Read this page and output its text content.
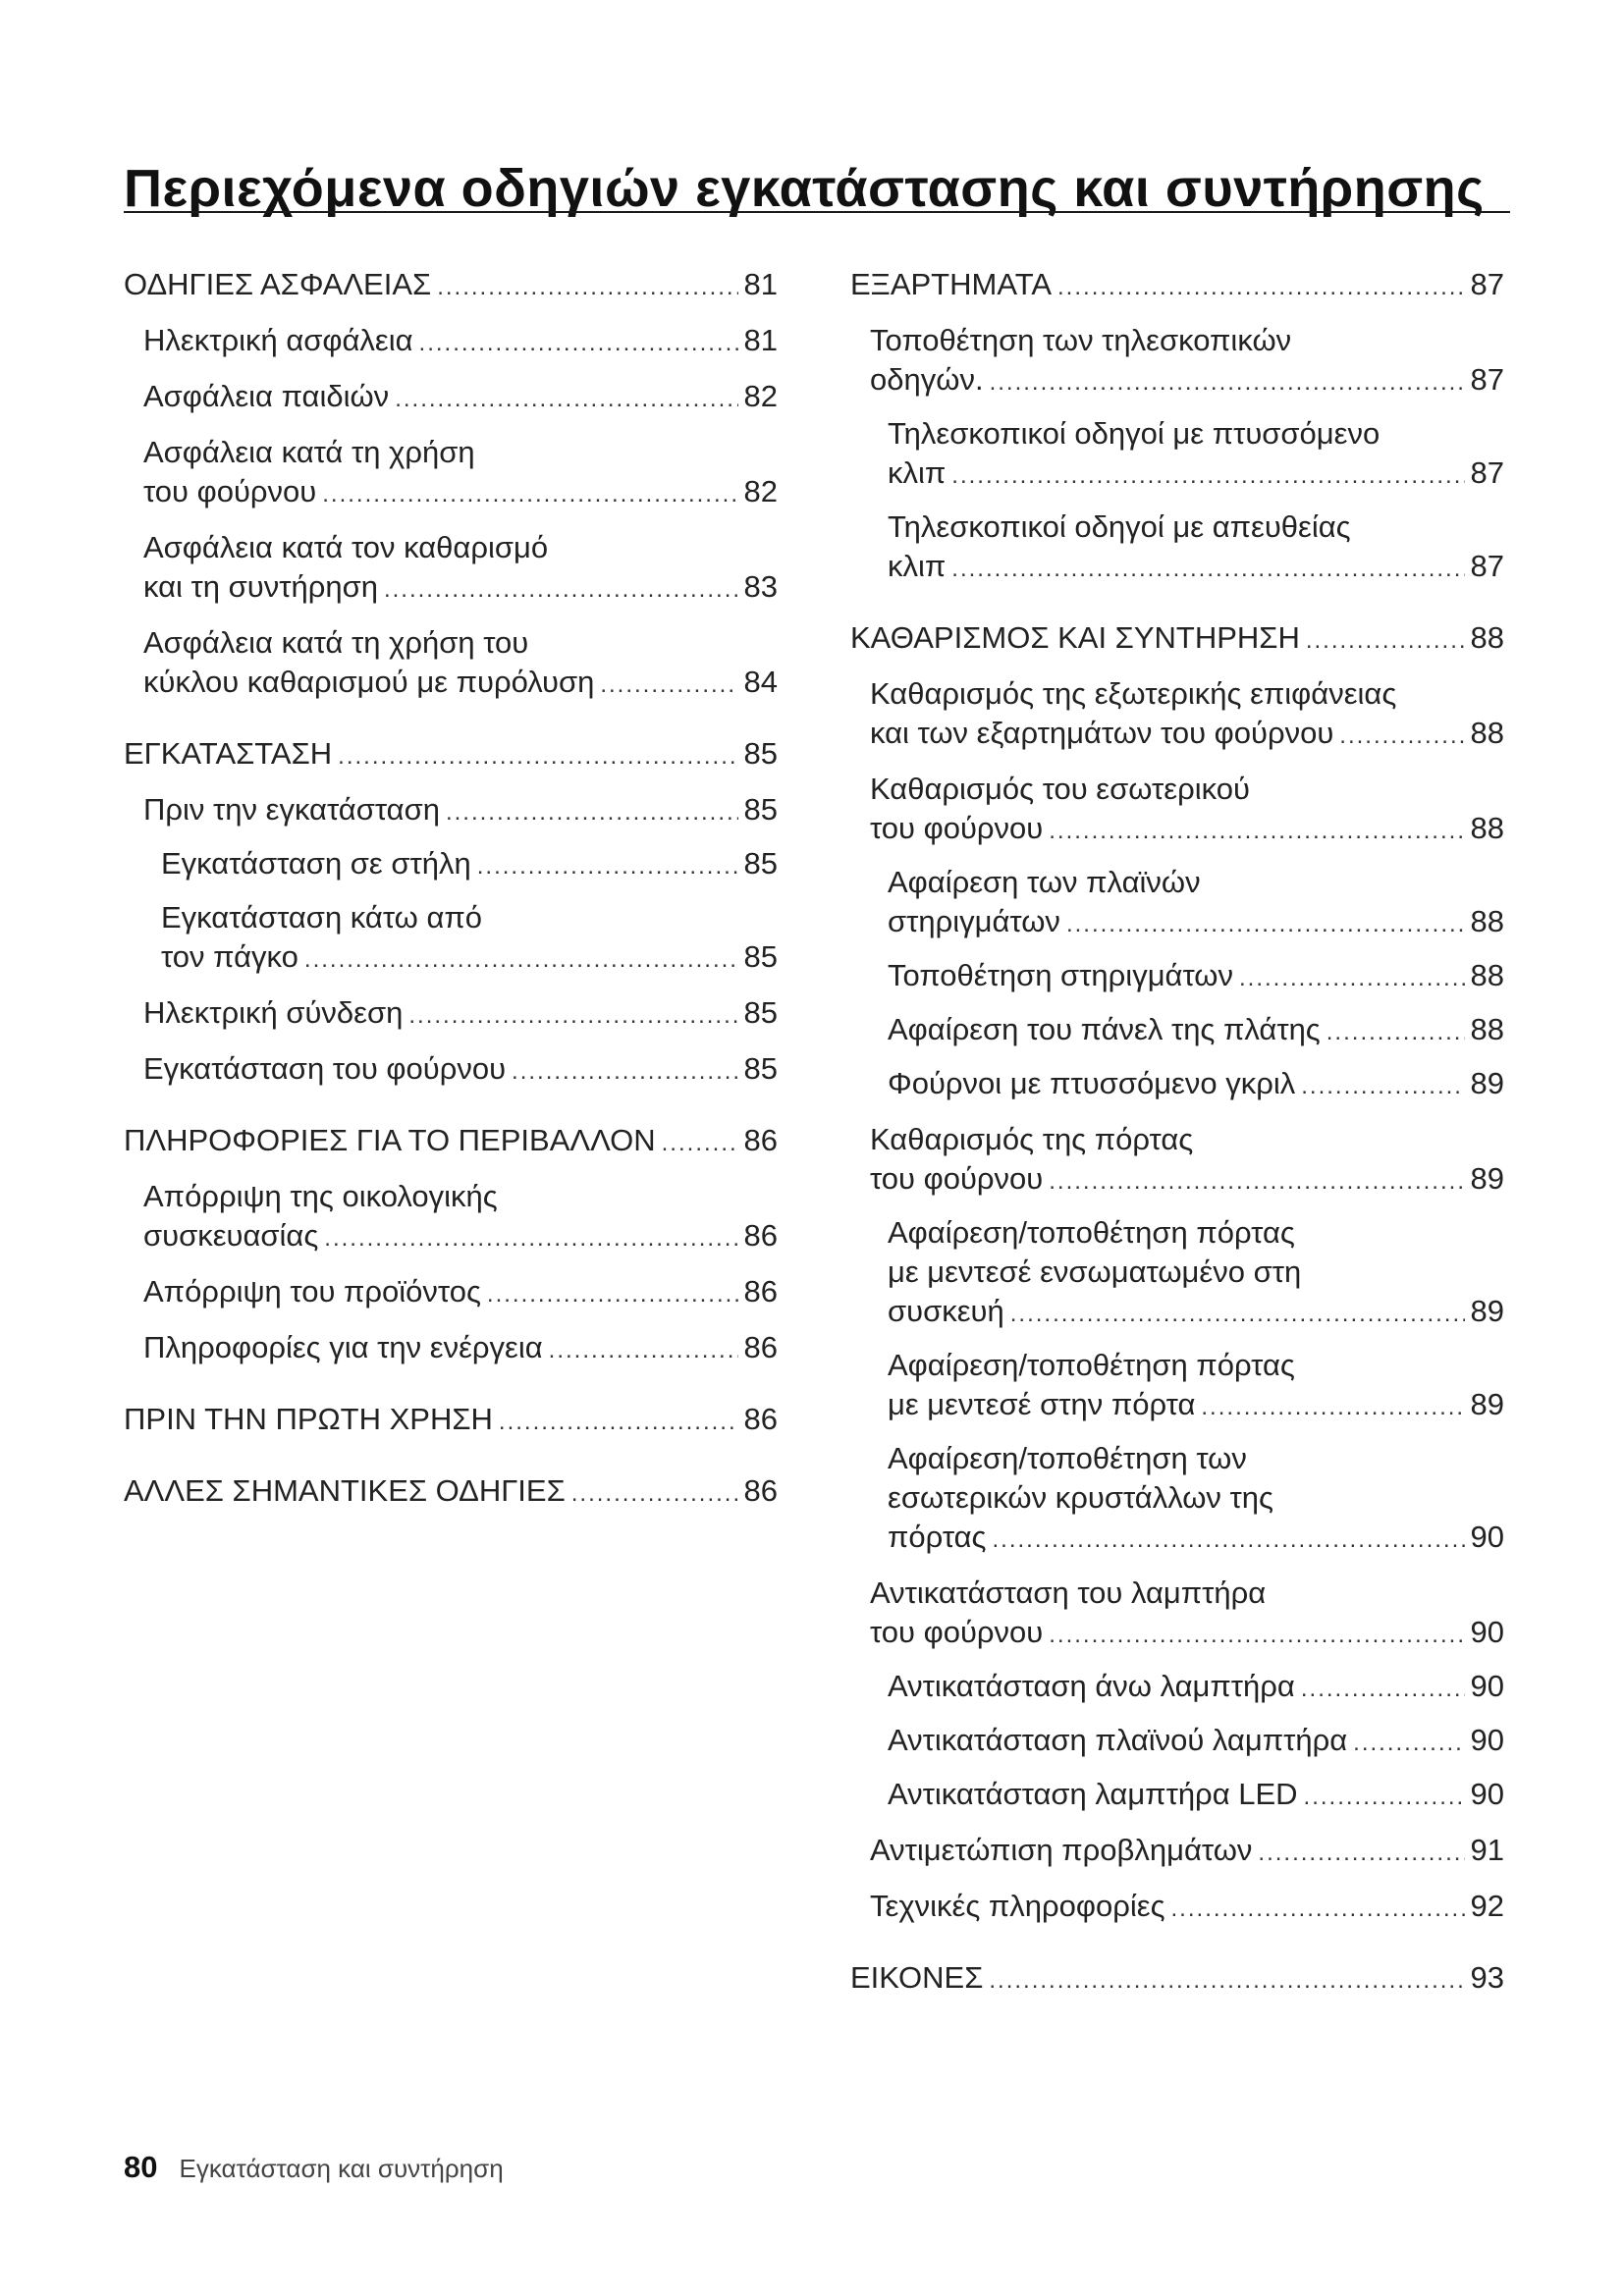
Περιεχόμενα οδηγιών εγκατάστασης και συντήρησης
ΟΔΗΓΙΕΣ ΑΣΦΑΛΕΙΑΣ .....	81
Ηλεκτρική ασφάλεια .....	81
Ασφάλεια παιδιών .....	82
Ασφάλεια κατά τη χρήση
του φούρνου .....	82
Ασφάλεια κατά τον καθαρισμό
και τη συντήρηση .....	83
Ασφάλεια κατά τη χρήση του
κύκλου καθαρισμού με πυρόλυση .....	84
ΕΓΚΑΤΑΣΤΑΣΗ .....	85
Πριν την εγκατάσταση .....	85
Εγκατάσταση σε στήλη .....	85
Εγκατάσταση κάτω από
τον πάγκο .....	85
Ηλεκτρική σύνδεση .....	85
Εγκατάσταση του φούρνου .....	85
ΠΛΗΡΟΦΟΡΙΕΣ ΓΙΑ ΤΟ ΠΕΡΙΒΑΛΛΟΝ .....	86
Απόρριψη της οικολογικής
συσκευασίας .....	86
Απόρριψη του προϊόντος .....	86
Πληροφορίες για την ενέργεια .....	86
ΠΡΙΝ ΤΗΝ ΠΡΩΤΗ ΧΡΗΣΗ .....	86
ΑΛΛΕΣ ΣΗΜΑΝΤΙΚΕΣ ΟΔΗΓΙΕΣ .....	86
ΕΞΑΡΤΗΜΑΤΑ .....	87
Τοποθέτηση των τηλεσκοπικών
οδηγών. .....	87
Τηλεσκοπικοί οδηγοί με πτυσσόμενο
κλιπ .....	87
Τηλεσκοπικοί οδηγοί με απευθείας
κλιπ .....	87
ΚΑΘΑΡΙΣΜΟΣ ΚΑΙ ΣΥΝΤΗΡΗΣΗ .....	88
Καθαρισμός της εξωτερικής επιφάνειας
και των εξαρτημάτων του φούρνου .....	88
Καθαρισμός του εσωτερικού
του φούρνου .....	88
Αφαίρεση των πλαϊνών
στηριγμάτων .....	88
Τοποθέτηση στηριγμάτων .....	88
Αφαίρεση του πάνελ της πλάτης .....	88
Φούρνοι με πτυσσόμενο γκριλ .....	89
Καθαρισμός της πόρτας
του φούρνου .....	89
Αφαίρεση/τοποθέτηση πόρτας
με μεντεσέ ενσωματωμένο στη
συσκευή .....	89
Αφαίρεση/τοποθέτηση πόρτας
με μεντεσέ στην πόρτα .....	89
Αφαίρεση/τοποθέτηση των
εσωτερικών κρυστάλλων της
πόρτας .....	90
Αντικατάσταση του λαμπτήρα
του φούρνου .....	90
Αντικατάσταση άνω λαμπτήρα .....	90
Αντικατάσταση πλαϊνού λαμπτήρα .....	90
Αντικατάσταση λαμπτήρα LED .....	90
Αντιμετώπιση προβλημάτων .....	91
Τεχνικές πληροφορίες .....	92
ΕΙΚΟΝΕΣ .....	93
80 Εγκατάσταση και συντήρηση
